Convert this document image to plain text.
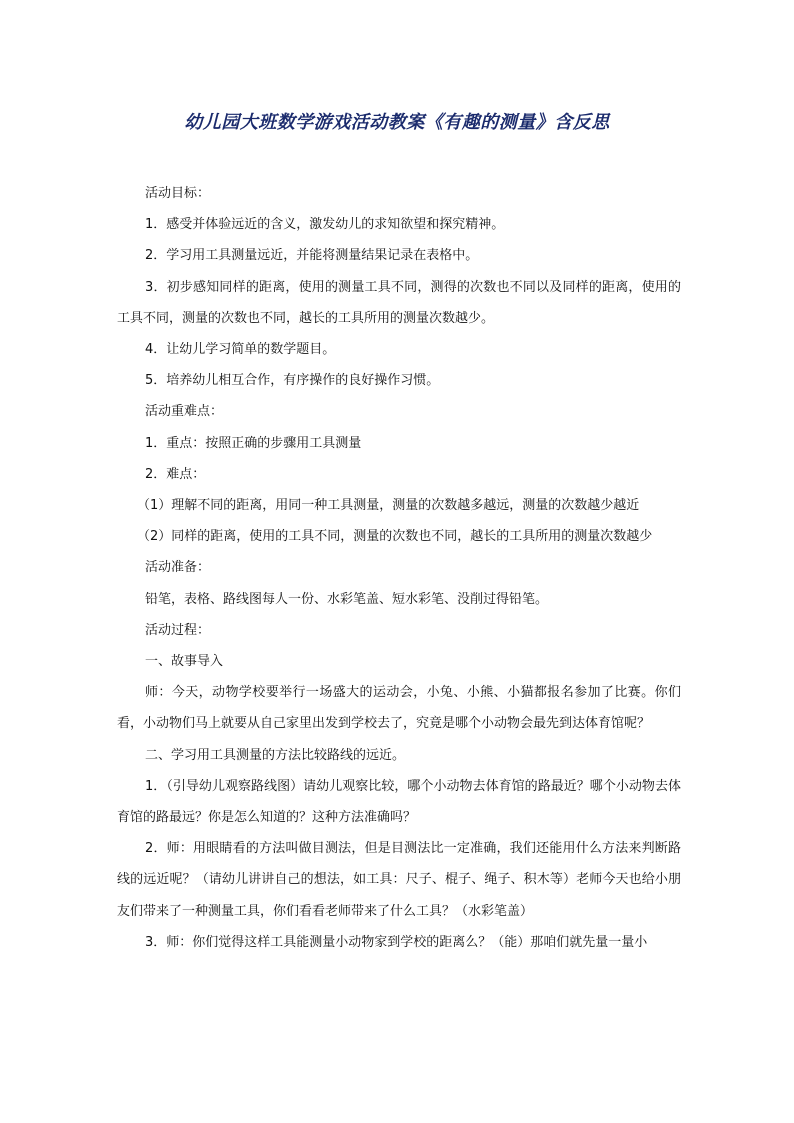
幼儿园大班数学游戏活动教案《有趣的测量》含反思

活动目标：

1．感受并体验远近的含义，激发幼儿的求知欲望和探究精神。

2．学习用工具测量远近，并能将测量结果记录在表格中。

3．初步感知同样的距离，使用的测量工具不同，测得的次数也不同以及同样的距离，使用的工具不同，测量的次数也不同，越长的工具所用的测量次数越少。

4．让幼儿学习简单的数学题目。

5．培养幼儿相互合作，有序操作的良好操作习惯。

活动重难点：

1．重点：按照正确的步骤用工具测量

2．难点：

（1）理解不同的距离，用同一种工具测量，测量的次数越多越远，测量的次数越少越近

（2）同样的距离，使用的工具不同，测量的次数也不同，越长的工具所用的测量次数越少

活动准备：

铅笔，表格、路线图每人一份、水彩笔盖、短水彩笔、没削过得铅笔。

活动过程：

一、故事导入

师：今天，动物学校要举行一场盛大的运动会，小兔、小熊、小猫都报名参加了比赛。你们看，小动物们马上就要从自己家里出发到学校去了，究竟是哪个小动物会最先到达体育馆呢？

二、学习用工具测量的方法比较路线的远近。

1．（引导幼儿观察路线图）请幼儿观察比较，哪个小动物去体育馆的路最近？哪个小动物去体育馆的路最远？你是怎么知道的？这种方法准确吗？

2．师：用眼睛看的方法叫做目测法，但是目测法比一定准确，我们还能用什么方法来判断路线的远近呢？（请幼儿讲讲自己的想法，如工具：尺子、棍子、绳子、积木等）老师今天也给小朋友们带来了一种测量工具，你们看看老师带来了什么工具？（水彩笔盖）

3．师：你们觉得这样工具能测量小动物家到学校的距离么？（能）那咱们就先量一量小
